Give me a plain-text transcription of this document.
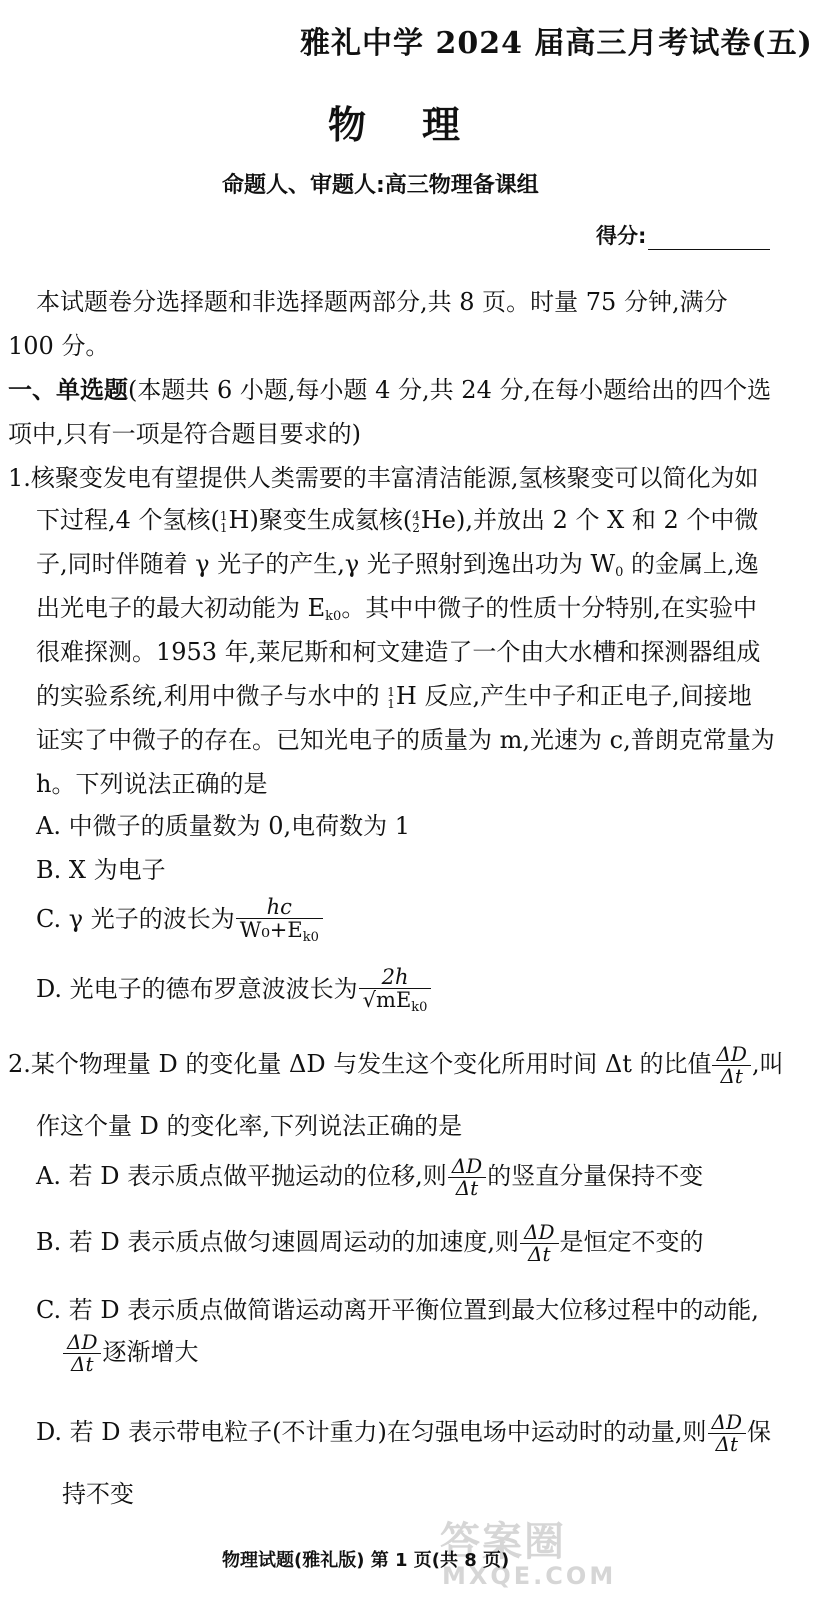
雅礼中学 2024 届高三月考试卷(五)
物 理
命题人、审题人:高三物理备课组
得分:
本试题卷分选择题和非选择题两部分,共 8 页。时量 75 分钟,满分
100 分。
一、单选题(本题共 6 小题,每小题 4 分,共 24 分,在每小题给出的四个选
项中,只有一项是符合题目要求的)
1.核聚变发电有望提供人类需要的丰富清洁能源,氢核聚变可以简化为如
下过程,4 个氢核( 1
1 H)聚变生成氦核( 4
2 He),并放出 2 个 X 和 2 个中微
子,同时伴随着 γ 光子的产生,γ 光子照射到逸出功为 $W_0$ 的金属上,逸
出光电子的最大初动能为 $E_{k0}$。其中中微子的性质十分特别,在实验中
很难探测。1953 年,莱尼斯和柯文建造了一个由大水槽和探测器组成
的实验系统,利用中微子与水中的 1
1 H 反应,产生中子和正电子,间接地
证实了中微子的存在。已知光电子的质量为 m,光速为 c,普朗克常量为
h。下列说法正确的是
A. 中微子的质量数为 0,电荷数为 1
B. X 为电子
C. γ 光子的波长为 $\frac{hc}{W_0+E_{k0}}$
D. 光电子的德布罗意波波长为 $\frac{2h}{√mE_{k0}}$
2.某个物理量 D 的变化量 ΔD 与发生这个变化所用时间 Δt 的比值 $\frac{\Delta D}{\Delta t}$ ,叫
作这个量 D 的变化率,下列说法正确的是
A. 若 D 表示质点做平抛运动的位移,则 $\frac{\Delta D}{\Delta t}$ 的竖直分量保持不变
B. 若 D 表示质点做匀速圆周运动的加速度,则 $\frac{\Delta D}{\Delta t}$ 是恒定不变的
C. 若 D 表示质点做简谐运动离开平衡位置到最大位移过程中的动能,
$\frac{\Delta D}{\Delta t}$ 逐渐增大
D. 若 D 表示带电粒子(不计重力)在匀强电场中运动时的动量,则 $\frac{\Delta D}{\Delta t}$ 保
持不变
答案圈
MXQE.COM
物理试题(雅礼版) 第 1 页(共 8 页)
